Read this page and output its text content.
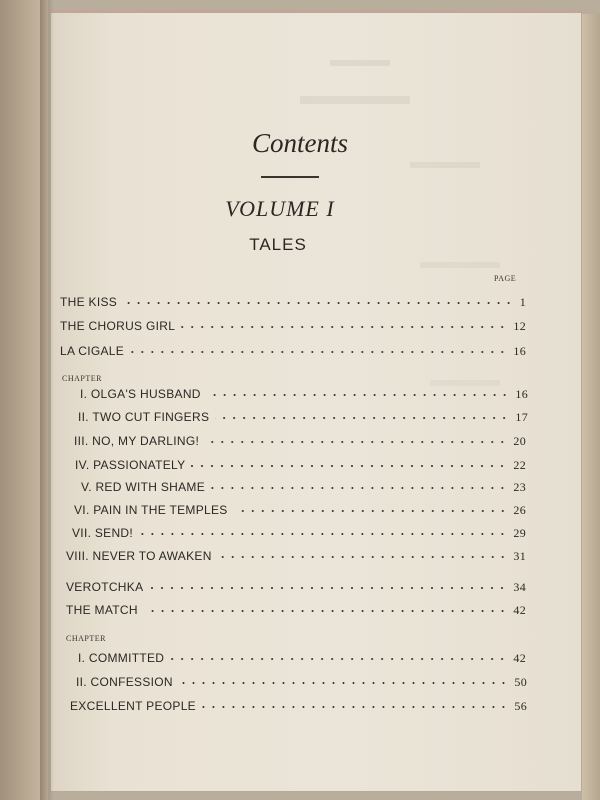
Contents
VOLUME I
TALES
PAGE
CHAPTER
CHAPTER
THE KISS	1
THE CHORUS GIRL	12
LA CIGALE	16
I. OLGA'S HUSBAND	16
II. TWO CUT FINGERS	17
III. NO, MY DARLING!	20
IV. PASSIONATELY	22
V. RED WITH SHAME	23
VI. PAIN IN THE TEMPLES	26
VII. SEND!	29
VIII. NEVER TO AWAKEN	31
VEROTCHKA	34
THE MATCH	42
I. COMMITTED	42
II. CONFESSION	50
EXCELLENT PEOPLE	56
